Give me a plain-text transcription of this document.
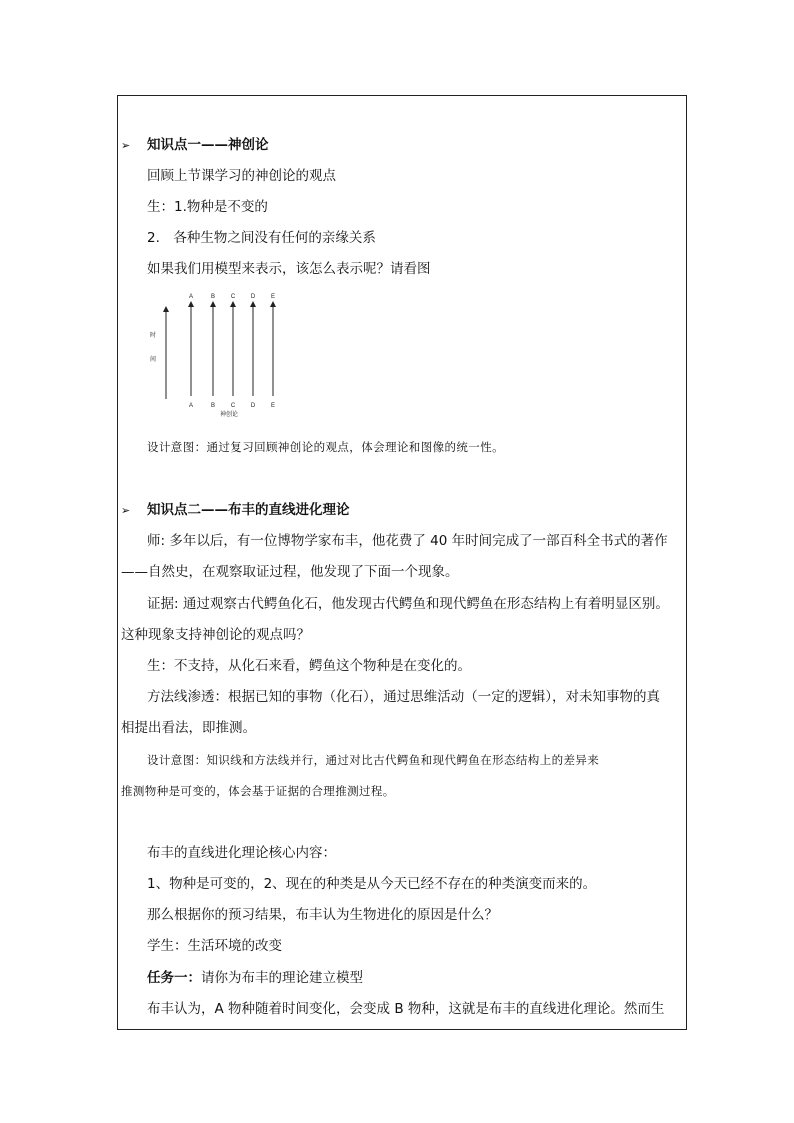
➢ 知识点一——神创论
回顾上节课学习的神创论的观点
生：1.物种是不变的
2.　各种生物之间没有任何的亲缘关系
如果我们用模型来表示，该怎么表示呢？请看图
A	B	C	D	E
时
间
A	B	C	D	E
神创论
设计意图：通过复习回顾神创论的观点，体会理论和图像的统一性。
➢ 知识点二——布丰的直线进化理论
师: 多年以后，有一位博物学家布丰，他花费了 40 年时间完成了一部百科全书式的著作
——自然史，在观察取证过程，他发现了下面一个现象。
证据: 通过观察古代鳄鱼化石，他发现古代鳄鱼和现代鳄鱼在形态结构上有着明显区别。
这种现象支持神创论的观点吗？
生：不支持，从化石来看，鳄鱼这个物种是在变化的。
方法线渗透：根据已知的事物（化石），通过思维活动（一定的逻辑），对未知事物的真
相提出看法，即推测。
设计意图：知识线和方法线并行，通过对比古代鳄鱼和现代鳄鱼在形态结构上的差异来
推测物种是可变的，体会基于证据的合理推测过程。
布丰的直线进化理论核心内容：
1、物种是可变的，2、现在的种类是从今天已经不存在的种类演变而来的。
那么根据你的预习结果，布丰认为生物进化的原因是什么？
学生：生活环境的改变
任务一：请你为布丰的理论建立模型
布丰认为，A 物种随着时间变化，会变成 B 物种，这就是布丰的直线进化理论。然而生
